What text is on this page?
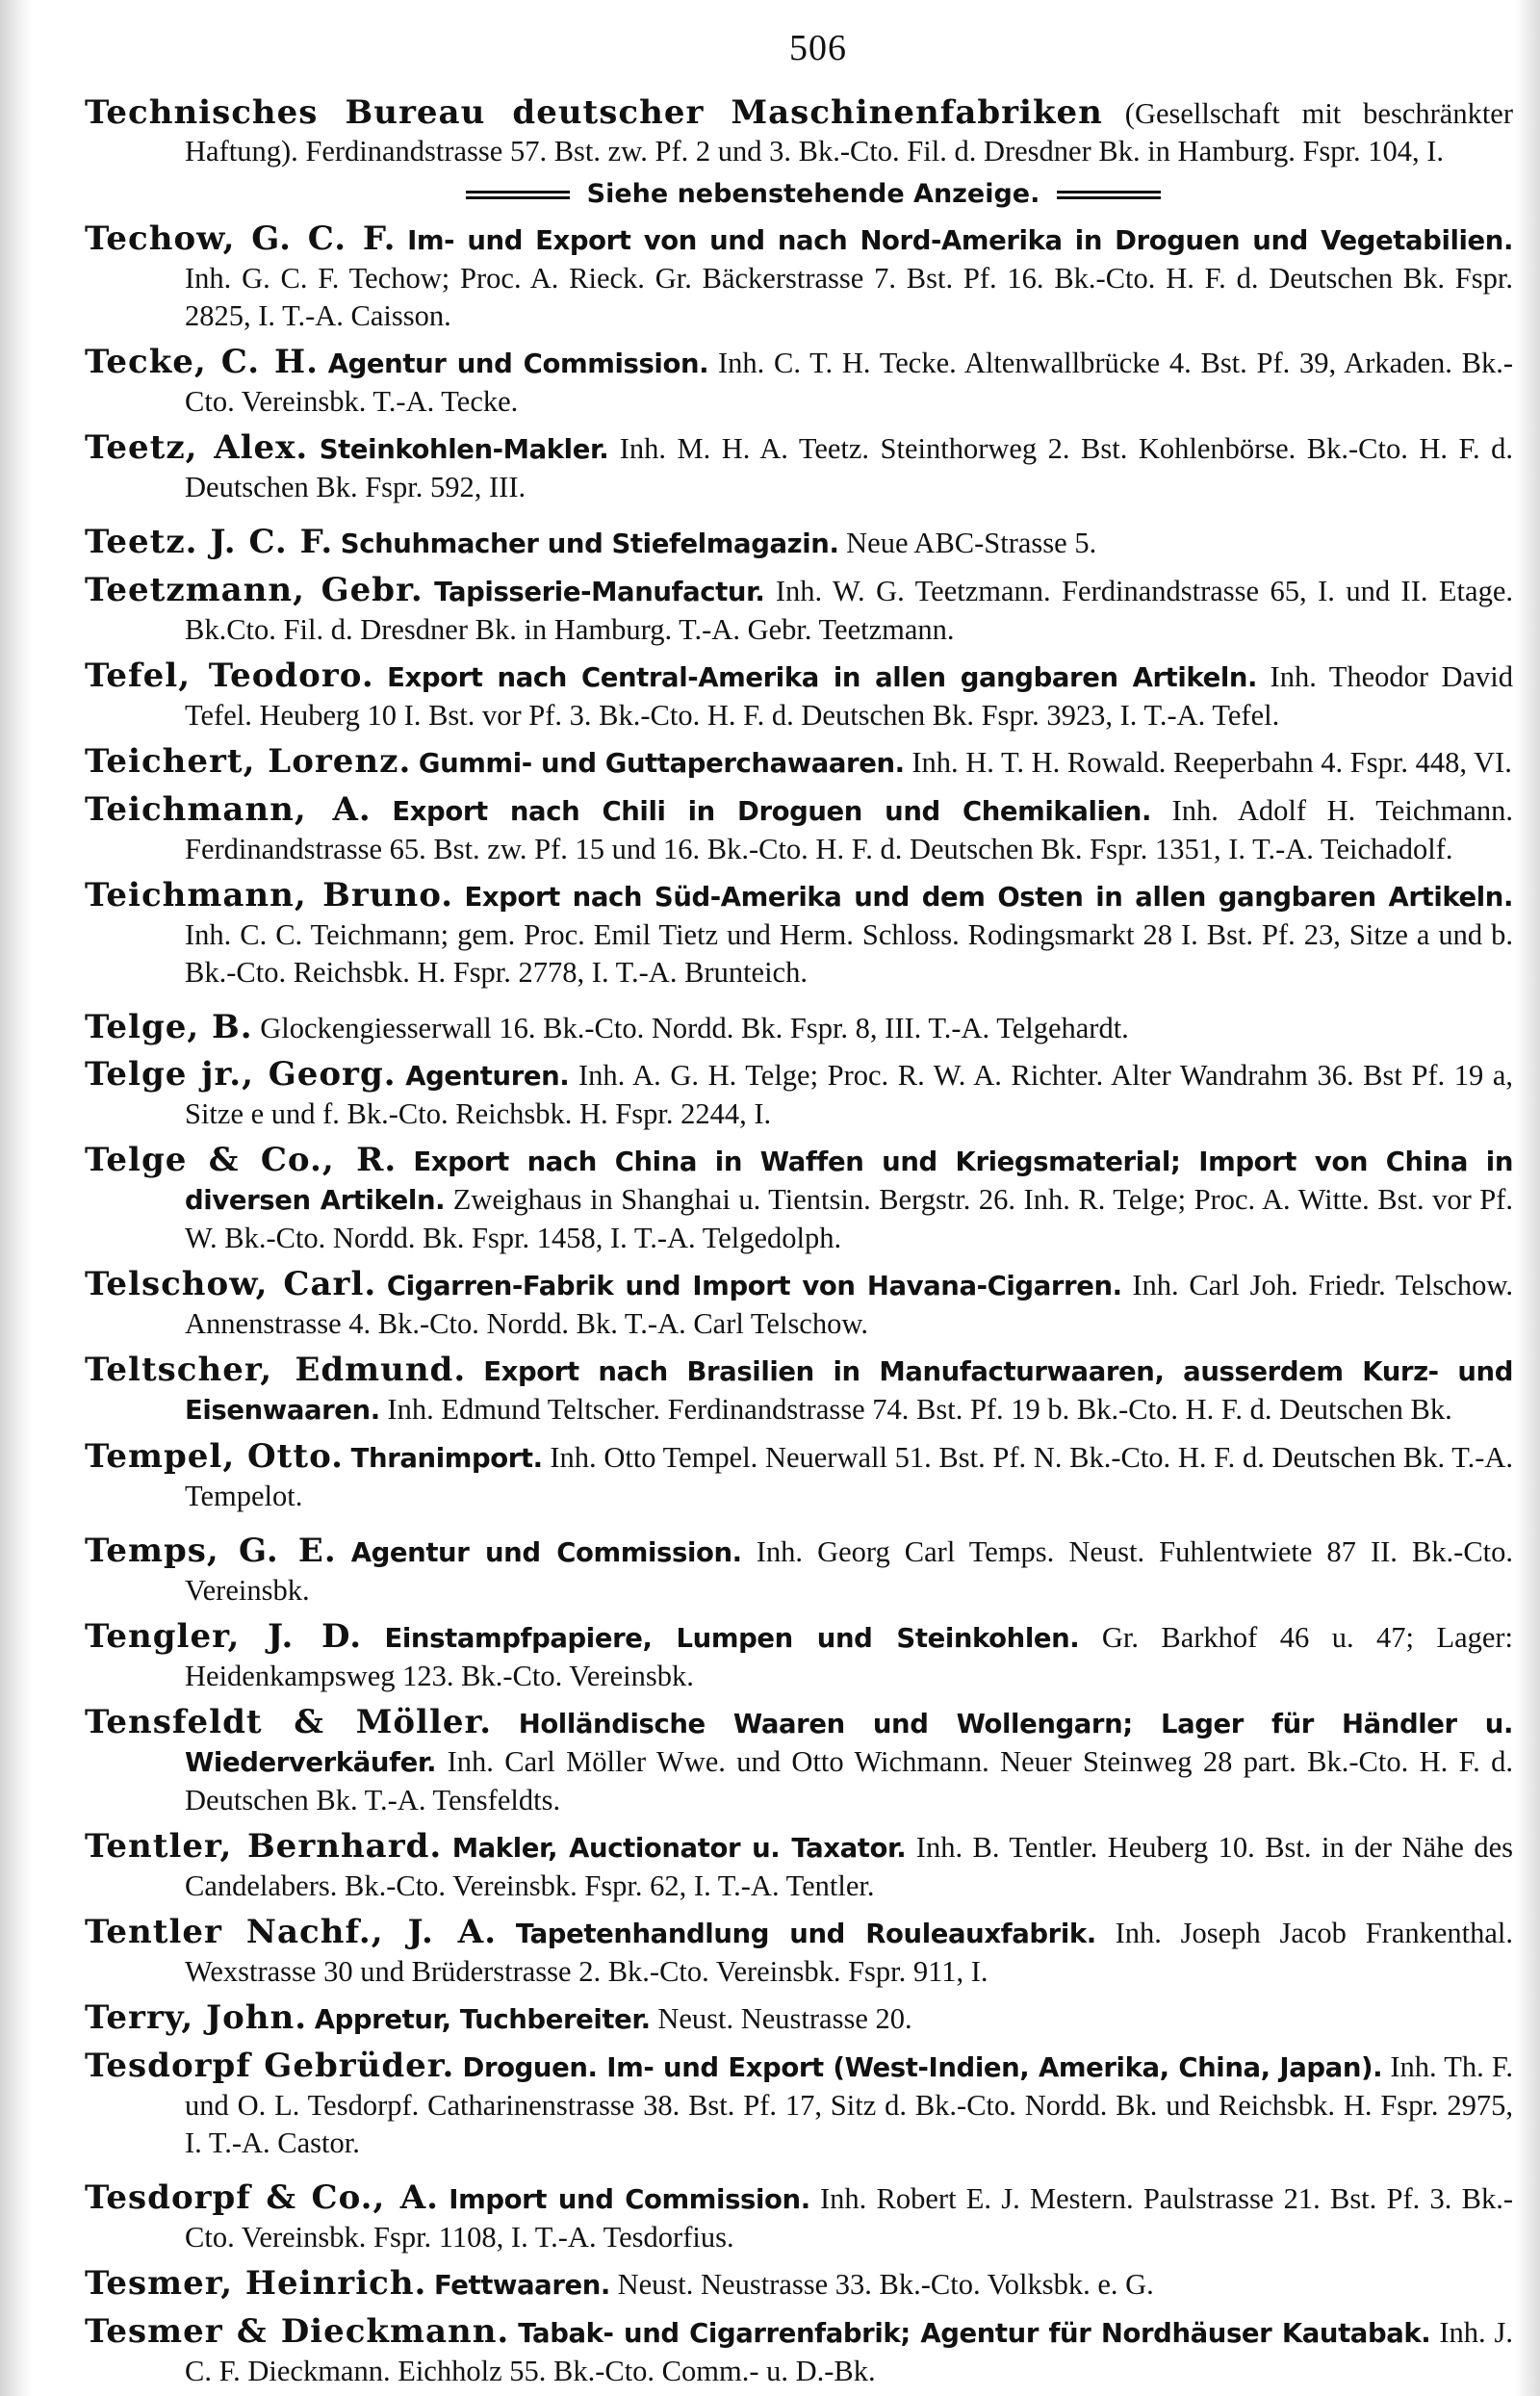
506

Technisches Bureau deutscher Maschinenfabriken (Gesellschaft mit beschränkter Haftung). Ferdinandstrasse 57. Bst. zw. Pf. 2 und 3. Bk.-Cto. Fil. d. Dresdner Bk. in Hamburg. Fspr. 104, I.

Siehe nebenstehende Anzeige.

Techow, G. C. F. Im- und Export von und nach Nord-Amerika in Droguen und Vegetabilien. Inh. G. C. F. Techow; Proc. A. Rieck. Gr. Bäckerstrasse 7. Bst. Pf. 16. Bk.-Cto. H. F. d. Deutschen Bk. Fspr. 2825, I. T.-A. Caisson.

Tecke, C. H. Agentur und Commission. Inh. C. T. H. Tecke. Altenwallbrücke 4. Bst. Pf. 39, Arkaden. Bk.-Cto. Vereinsbk. T.-A. Tecke.

Teetz, Alex. Steinkohlen-Makler. Inh. M. H. A. Teetz. Steinthorweg 2. Bst. Kohlenbörse. Bk.-Cto. H. F. d. Deutschen Bk. Fspr. 592, III.

Teetz. J. C. F. Schuhmacher und Stiefelmagazin. Neue ABC-Strasse 5.

Teetzmann, Gebr. Tapisserie-Manufactur. Inh. W. G. Teetzmann. Ferdinandstrasse 65, I. und II. Etage. Bk.Cto. Fil. d. Dresdner Bk. in Hamburg. T.-A. Gebr. Teetzmann.

Tefel, Teodoro. Export nach Central-Amerika in allen gangbaren Artikeln. Inh. Theodor David Tefel. Heuberg 10 I. Bst. vor Pf. 3. Bk.-Cto. H. F. d. Deutschen Bk. Fspr. 3923, I. T.-A. Tefel.

Teichert, Lorenz. Gummi- und Guttaperchawaaren. Inh. H. T. H. Rowald. Reeperbahn 4. Fspr. 448, VI.

Teichmann, A. Export nach Chili in Droguen und Chemikalien. Inh. Adolf H. Teichmann. Ferdinandstrasse 65. Bst. zw. Pf. 15 und 16. Bk.-Cto. H. F. d. Deutschen Bk. Fspr. 1351, I. T.-A. Teichadolf.

Teichmann, Bruno. Export nach Süd-Amerika und dem Osten in allen gangbaren Artikeln. Inh. C. C. Teichmann; gem. Proc. Emil Tietz und Herm. Schloss. Rodingsmarkt 28 I. Bst. Pf. 23, Sitze a und b. Bk.-Cto. Reichsbk. H. Fspr. 2778, I. T.-A. Brunteich.

Telge, B. Glockengiesserwall 16. Bk.-Cto. Nordd. Bk. Fspr. 8, III. T.-A. Telgehardt.

Telge jr., Georg. Agenturen. Inh. A. G. H. Telge; Proc. R. W. A. Richter. Alter Wandrahm 36. Bst Pf. 19 a, Sitze e und f. Bk.-Cto. Reichsbk. H. Fspr. 2244, I.

Telge & Co., R. Export nach China in Waffen und Kriegsmaterial; Import von China in diversen Artikeln. Zweighaus in Shanghai u. Tientsin. Bergstr. 26. Inh. R. Telge; Proc. A. Witte. Bst. vor Pf. W. Bk.-Cto. Nordd. Bk. Fspr. 1458, I. T.-A. Telgedolph.

Telschow, Carl. Cigarren-Fabrik und Import von Havana-Cigarren. Inh. Carl Joh. Friedr. Telschow. Annenstrasse 4. Bk.-Cto. Nordd. Bk. T.-A. Carl Telschow.

Teltscher, Edmund. Export nach Brasilien in Manufacturwaaren, ausserdem Kurz- und Eisenwaaren. Inh. Edmund Teltscher. Ferdinandstrasse 74. Bst. Pf. 19 b. Bk.-Cto. H. F. d. Deutschen Bk.

Tempel, Otto. Thranimport. Inh. Otto Tempel. Neuerwall 51. Bst. Pf. N. Bk.-Cto. H. F. d. Deutschen Bk. T.-A. Tempelot.

Temps, G. E. Agentur und Commission. Inh. Georg Carl Temps. Neust. Fuhlentwiete 87 II. Bk.-Cto. Vereinsbk.

Tengler, J. D. Einstampfpapiere, Lumpen und Steinkohlen. Gr. Barkhof 46 u. 47; Lager: Heidenkampsweg 123. Bk.-Cto. Vereinsbk.

Tensfeldt & Möller. Holländische Waaren und Wollengarn; Lager für Händler u. Wiederverkäufer. Inh. Carl Möller Wwe. und Otto Wichmann. Neuer Steinweg 28 part. Bk.-Cto. H. F. d. Deutschen Bk. T.-A. Tensfeldts.

Tentler, Bernhard. Makler, Auctionator u. Taxator. Inh. B. Tentler. Heuberg 10. Bst. in der Nähe des Candelabers. Bk.-Cto. Vereinsbk. Fspr. 62, I. T.-A. Tentler.

Tentler Nachf., J. A. Tapetenhandlung und Rouleauxfabrik. Inh. Joseph Jacob Frankenthal. Wexstrasse 30 und Brüderstrasse 2. Bk.-Cto. Vereinsbk. Fspr. 911, I.

Terry, John. Appretur, Tuchbereiter. Neust. Neustrasse 20.

Tesdorpf Gebrüder. Droguen. Im- und Export (West-Indien, Amerika, China, Japan). Inh. Th. F. und O. L. Tesdorpf. Catharinenstrasse 38. Bst. Pf. 17, Sitz d. Bk.-Cto. Nordd. Bk. und Reichsbk. H. Fspr. 2975, I. T.-A. Castor.

Tesdorpf & Co., A. Import und Commission. Inh. Robert E. J. Mestern. Paulstrasse 21. Bst. Pf. 3. Bk.-Cto. Vereinsbk. Fspr. 1108, I. T.-A. Tesdorfius.

Tesmer, Heinrich. Fettwaaren. Neust. Neustrasse 33. Bk.-Cto. Volksbk. e. G.

Tesmer & Dieckmann. Tabak- und Cigarrenfabrik; Agentur für Nordhäuser Kautabak. Inh. J. C. F. Dieckmann. Eichholz 55. Bk.-Cto. Comm.- u. D.-Bk.
